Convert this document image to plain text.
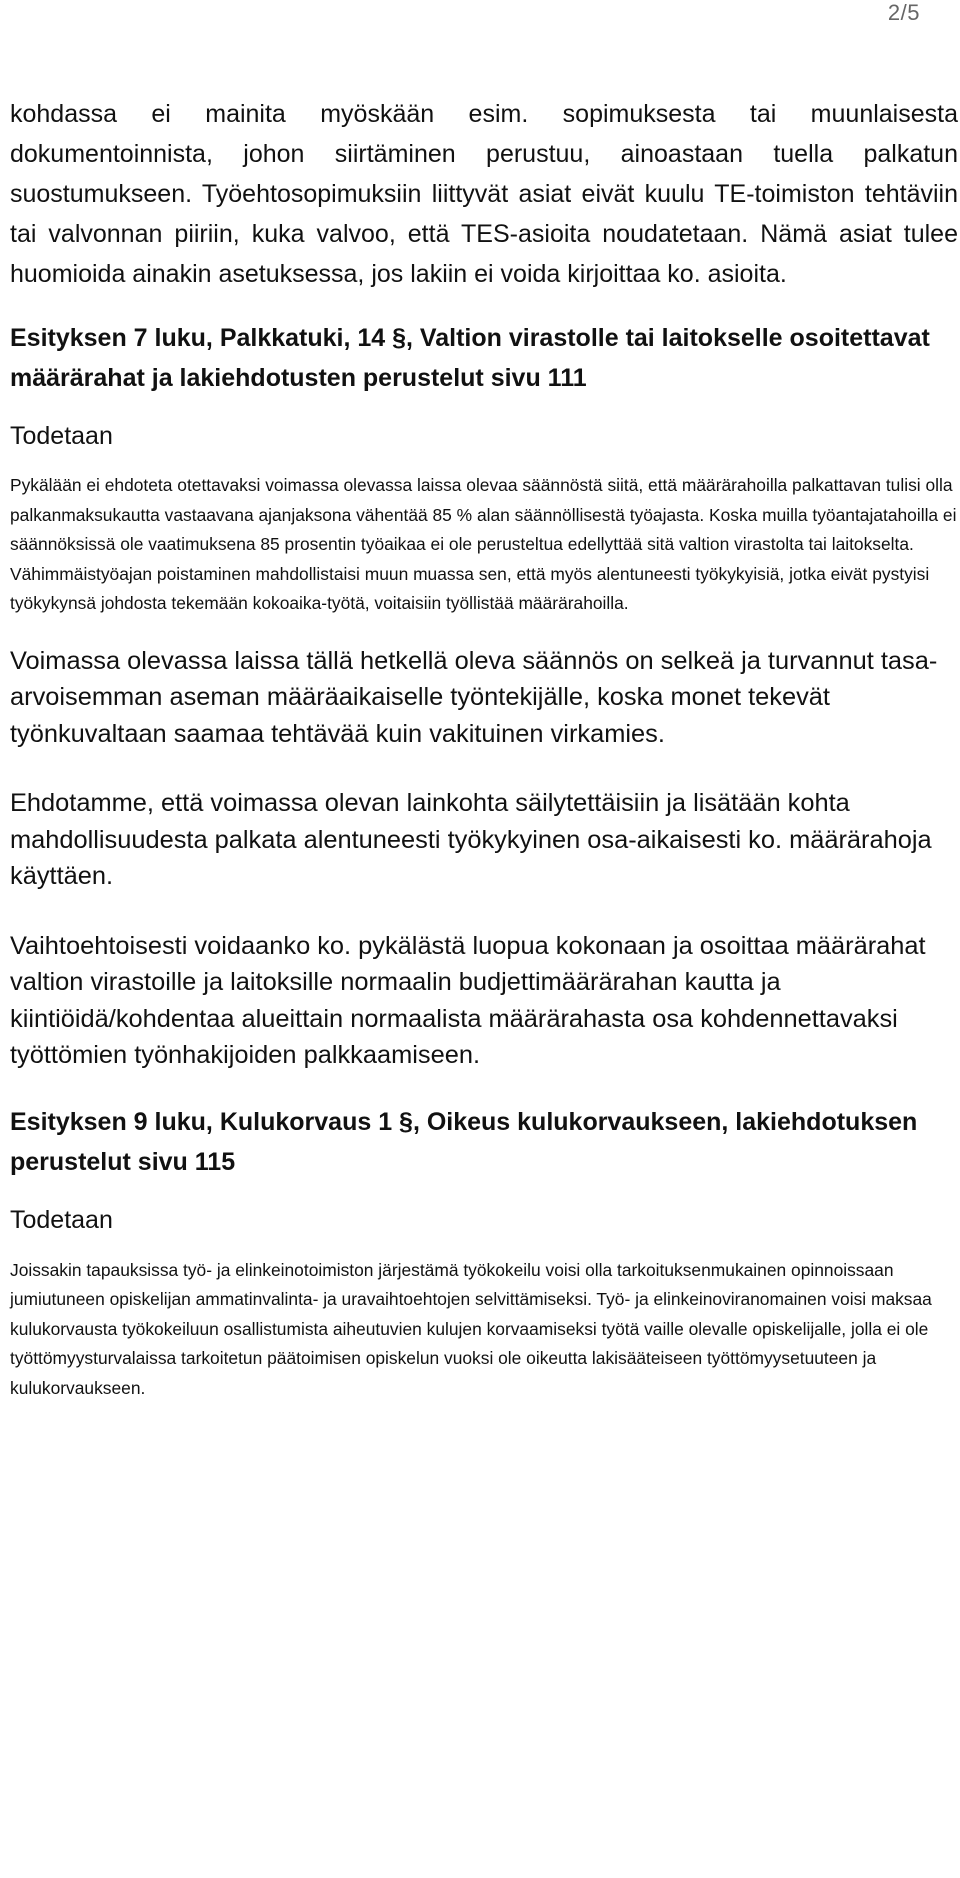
2/5

kohdassa ei mainita myöskään esim. sopimuksesta tai muunlaisesta dokumentoinnista, johon siirtäminen perustuu, ainoastaan tuella palkatun suostumukseen. Työehtosopimuksiin liittyvät asiat eivät kuulu TE-toimiston tehtäviin tai valvonnan piiriin, kuka valvoo, että TES-asioita noudatetaan. Nämä asiat tulee huomioida ainakin asetuksessa, jos lakiin ei voida kirjoittaa ko. asioita.

Esityksen 7 luku, Palkkatuki, 14 §, Valtion virastolle tai laitokselle osoitettavat määrärahat ja lakiehdotusten perustelut sivu 111

Todetaan

Pykälään ei ehdoteta otettavaksi voimassa olevassa laissa olevaa säännöstä siitä, että määrärahoilla palkattavan tulisi olla palkanmaksukautta vastaavana ajanjaksona vähentää 85 % alan säännöllisestä työajasta. Koska muilla työantajatahoilla ei säännöksissä ole vaatimuksena 85 prosentin työaikaa ei ole perusteltua edellyttää sitä valtion virastolta tai laitokselta. Vähimmäistyöajan poistaminen mahdollistaisi muun muassa sen, että myös alentuneesti työkykyisiä, jotka eivät pystyisi työkykynsä johdosta tekemään kokoaika-työtä, voitaisiin työllistää määrärahoilla.

Voimassa olevassa laissa tällä hetkellä oleva säännös on selkeä ja turvannut tasa-arvoisemman aseman määräaikaiselle työntekijälle, koska monet tekevät työnkuvaltaan saamaa tehtävää kuin vakituinen virkamies.

Ehdotamme, että voimassa olevan lainkohta säilytettäisiin ja lisätään kohta mahdollisuudesta palkata alentuneesti työkykyinen osa-aikaisesti ko. määrärahoja käyttäen.

Vaihtoehtoisesti voidaanko ko. pykälästä luopua kokonaan ja osoittaa määrärahat valtion virastoille ja laitoksille normaalin budjettimäärärahan kautta ja kiintiöidä/kohdentaa alueittain normaalista määrärahasta osa kohdennettavaksi työttömien työnhakijoiden palkkaamiseen.

Esityksen 9 luku, Kulukorvaus 1 §, Oikeus kulukorvaukseen, lakiehdotuksen perustelut sivu 115

Todetaan

Joissakin tapauksissa työ- ja elinkeinotoimiston järjestämä työkokeilu voisi olla tarkoituksenmukainen opinnoissaan jumiutuneen opiskelijan ammatinvalinta- ja uravaihtoehtojen selvittämiseksi. Työ- ja elinkeinoviranomainen voisi maksaa kulukorvausta työkokeiluun osallistumista aiheutuvien kulujen korvaamiseksi työtä vaille olevalle opiskelijalle, jolla ei ole työttömyysturvalaissa tarkoitetun päätoimisen opiskelun vuoksi ole oikeutta lakisääteiseen työttömyysetuuteen ja kulukorvaukseen.
